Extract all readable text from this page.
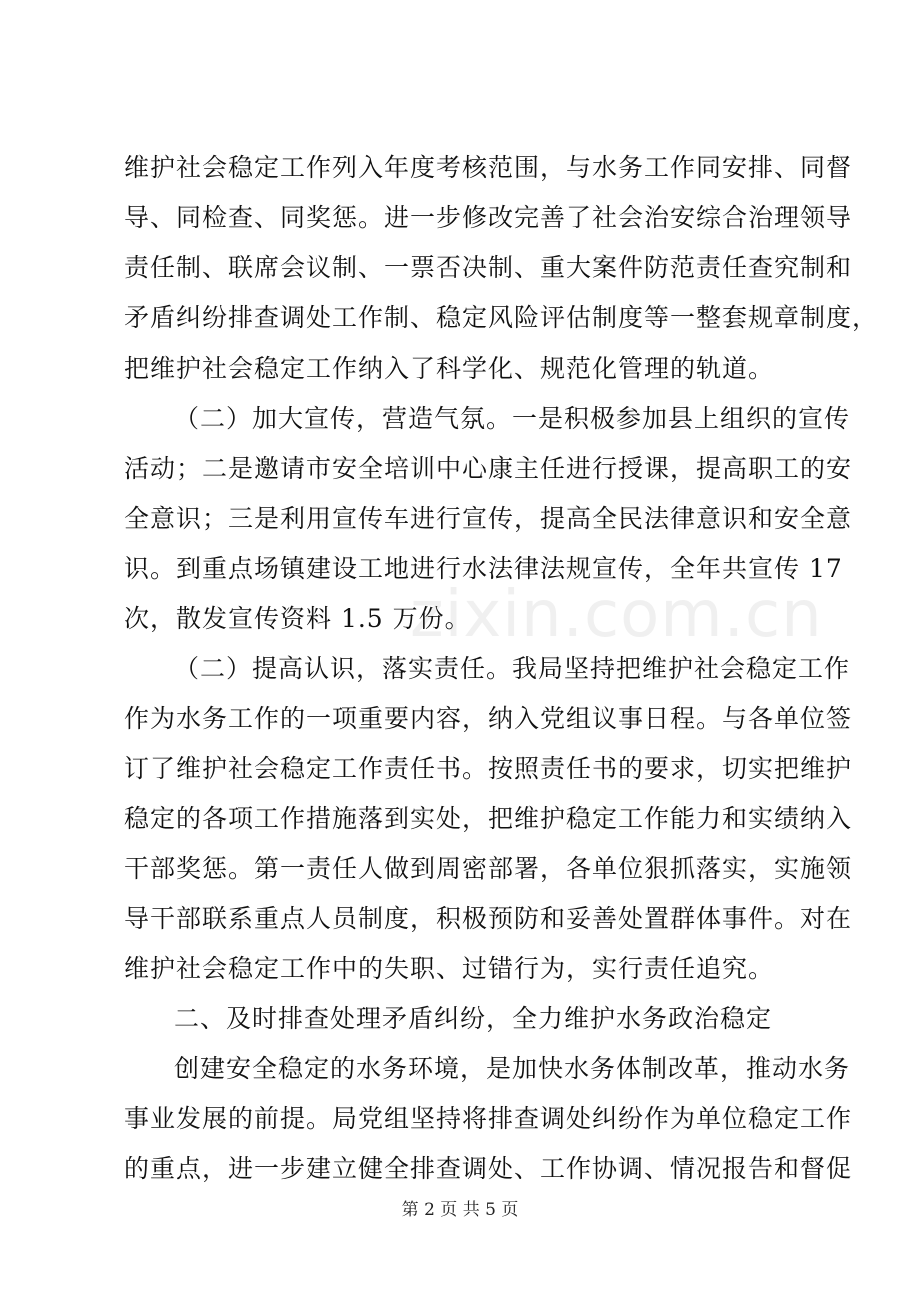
zixin.com.cn
维护社会稳定工作列入年度考核范围，与水务工作同安排、同督
导、同检查、同奖惩。进一步修改完善了社会治安综合治理领导
责任制、联席会议制、一票否决制、重大案件防范责任查究制和
矛盾纠纷排查调处工作制、稳定风险评估制度等一整套规章制度，
把维护社会稳定工作纳入了科学化、规范化管理的轨道。
（二）加大宣传，营造气氛。一是积极参加县上组织的宣传
活动；二是邀请市安全培训中心康主任进行授课，提高职工的安
全意识；三是利用宣传车进行宣传，提高全民法律意识和安全意
识。到重点场镇建设工地进行水法律法规宣传，全年共宣传 17
次，散发宣传资料 1.5 万份。
（二）提高认识，落实责任。我局坚持把维护社会稳定工作
作为水务工作的一项重要内容，纳入党组议事日程。与各单位签
订了维护社会稳定工作责任书。按照责任书的要求，切实把维护
稳定的各项工作措施落到实处，把维护稳定工作能力和实绩纳入
干部奖惩。第一责任人做到周密部署，各单位狠抓落实，实施领
导干部联系重点人员制度，积极预防和妥善处置群体事件。对在
维护社会稳定工作中的失职、过错行为，实行责任追究。
二、及时排查处理矛盾纠纷，全力维护水务政治稳定
创建安全稳定的水务环境，是加快水务体制改革，推动水务
事业发展的前提。局党组坚持将排查调处纠纷作为单位稳定工作
的重点，进一步建立健全排查调处、工作协调、情况报告和督促
第 2 页 共 5 页
